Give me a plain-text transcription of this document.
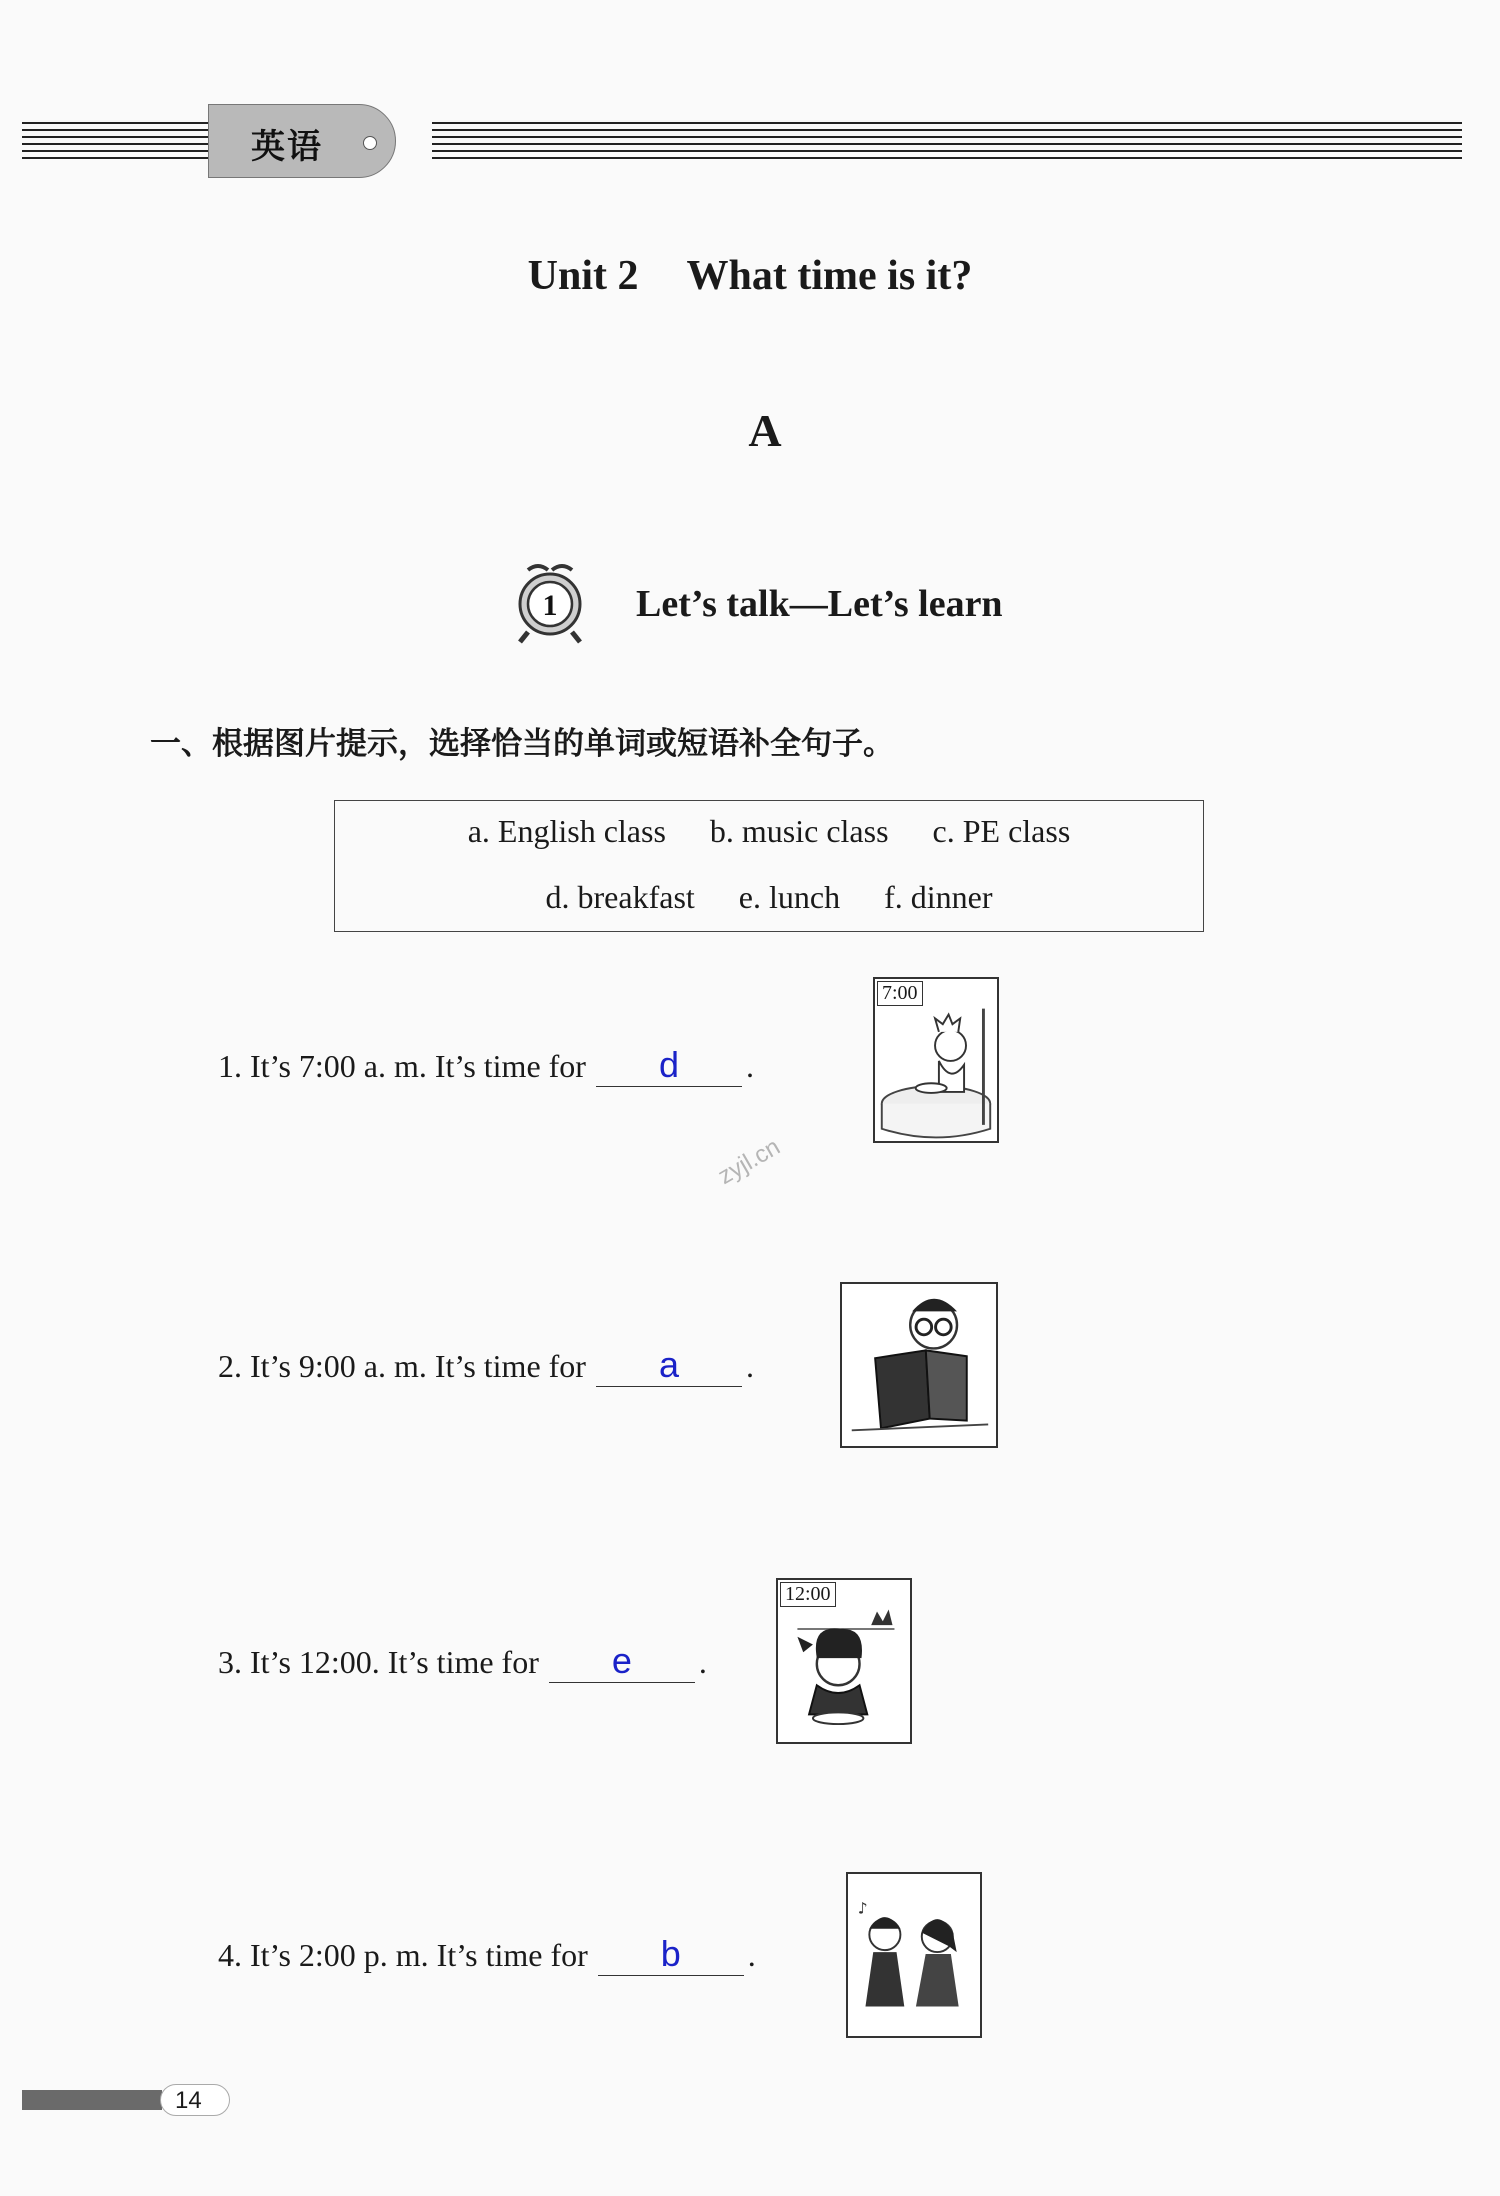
英语
Unit 2 What time is it?
A
1 Let’s talk—Let’s learn
一、根据图片提示，选择恰当的单词或短语补全句子。
a. English class b. music class c. PE class
d. breakfast e. lunch f. dinner
1. It’s 7:00 a. m. It’s time for d .
7:00
zyjl.cn
2. It’s 9:00 a. m. It’s time for a .
3. It’s 12:00. It’s time for e .
12:00
4. It’s 2:00 p. m. It’s time for b .
♪
14
